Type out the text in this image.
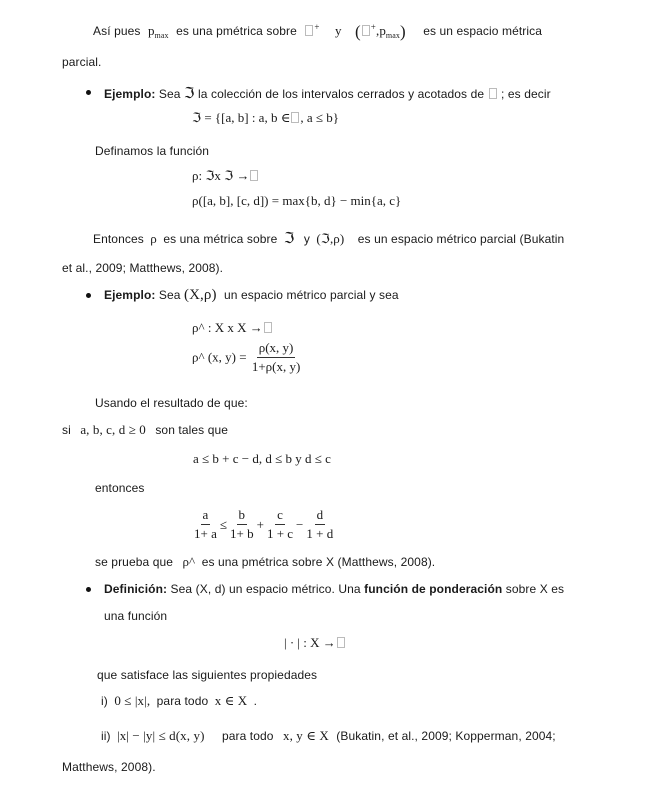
Así pues $p_{max}$ es una pmétrica sobre + y ( $^+,p_{max}$) es un espacio métrica
parcial.
Ejemplo: Sea ℑ la colección de los intervalos cerrados y acotados de ; es decir
ℑ = {[a, b] : a, b ∈ , a ≤ b}
Definamos la función
ρ: ℑx ℑ →
ρ([a, b], [c, d]) = max{b, d} − min{a, c}
Entonces ρ es una métrica sobre ℑ y (ℑ,ρ) es un espacio métrico parcial (Bukatin
et al., 2009; Matthews, 2008).
Ejemplo: Sea (X,ρ) un espacio métrico parcial y sea
ρ^ : X x X →
ρ^ (x, $y) = \frac{\rho(x, y)}{1+\rho(x, y)}$
Usando el resultado de que:
si a, b, c, d ≥ 0 son tales que
a ≤ b + c − d, d ≤ b y d ≤ c
entonces
$\frac{a}{1+ a} \le \frac{b}{1+ b} + \frac{c}{1 + c} - \frac{d}{1 + d}$
se prueba que ρ^ es una pmétrica sobre X (Matthews, 2008).
Definición: Sea (X, d) un espacio métrico. Una función de ponderación sobre X es
una función
| · | : X →
que satisface las siguientes propiedades
i) 0 ≤ |x|, para todo x ∈ X .
ii) |x| − |y| ≤ d(x, y) para todo x, y ∈ X (Bukatin, et al., 2009; Kopperman, 2004;
Matthews, 2008).
